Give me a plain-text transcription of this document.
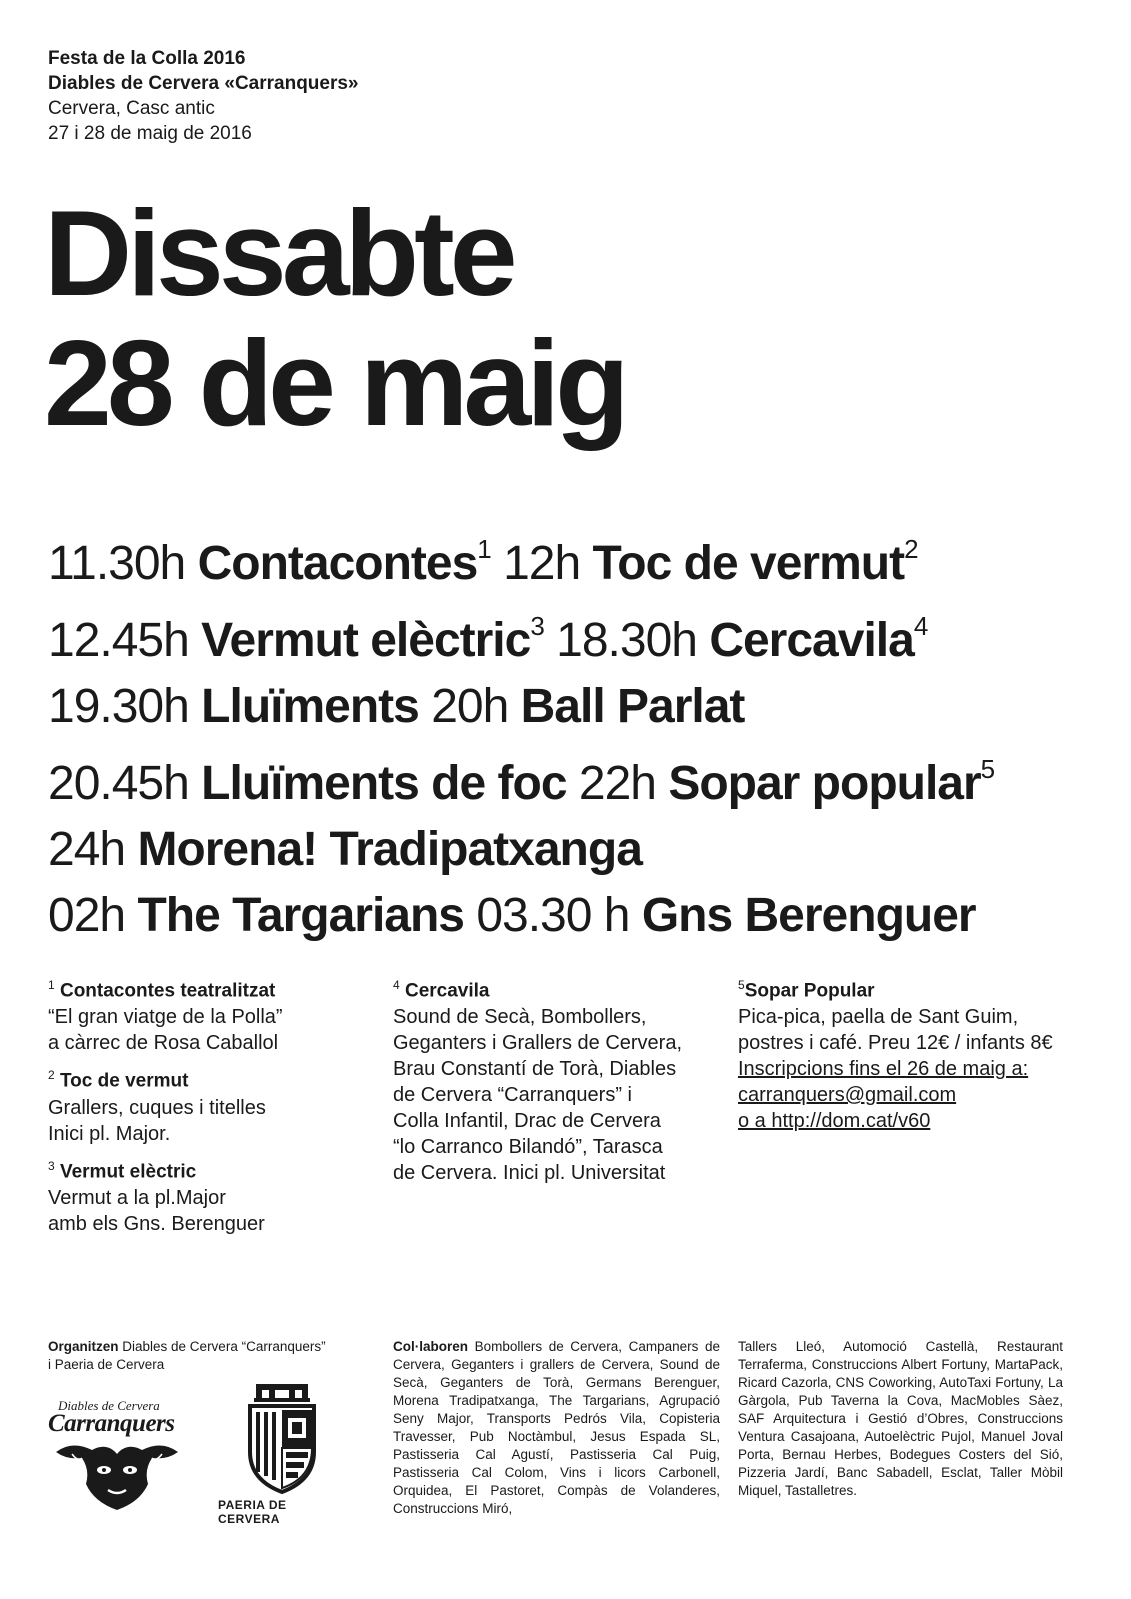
Festa de la Colla 2016
Diables de Cervera «Carranquers»
Cervera, Casc antic
27 i 28 de maig de 2016
Dissabte
28 de maig
11.30h Contacontes$^1$ 12h Toc de vermut$^2$
12.45h Vermut elèctric$^3$ 18.30h Cercavila$^4$
19.30h Lluïments 20h Ball Parlat
20.45h Lluïments de foc 22h Sopar popular$^5$
24h Morena! Tradipatxanga
02h The Targarians 03.30 h Gns Berenguer
$^1$ Contacontes teatralitzat
“El gran viatge de la Polla”
a càrrec de Rosa Caballol
$^2$ Toc de vermut
Grallers, cuques i titelles
Inici pl. Major.
$^3$ Vermut elèctric
Vermut a la pl.Major
amb els Gns. Berenguer
$^4$ Cercavila
Sound de Secà, Bombollers,
Geganters i Grallers de Cervera,
Brau Constantí de Torà, Diables
de Cervera “Carranquers” i
Colla Infantil, Drac de Cervera
“lo Carranco Bilandó”, Tarasca
de Cervera. Inici pl. Universitat
$^5$Sopar Popular
Pica-pica, paella de Sant Guim,
postres i café. Preu 12€ / infants 8€
Inscripcions fins el 26 de maig a:
carranquers@gmail.com
o a http://dom.cat/v60
Organitzen Diables de Cervera “Carranquers”
i Paeria de Cervera
Col·laboren Bombollers de Cervera, Campaners de Cervera, Geganters i grallers de Cervera, Sound de Secà, Geganters de Torà, Germans Berenguer, Morena Tradipatxanga, The Targarians, Agrupació Seny Major, Transports Pedrós Vila, Copisteria Travesser, Pub Noctàmbul, Jesus Espada SL, Pastisseria Cal Agustí, Pastisseria Cal Puig, Pastisseria Cal Colom, Vins i licors Carbonell, Orquidea, El Pastoret, Compàs de Volanderes, Construccions Miró,
Tallers Lleó, Automoció Castellà, Restaurant Terraferma, Construccions Albert Fortuny, MartaPack, Ricard Cazorla, CNS Coworking, AutoTaxi Fortuny, La Gàrgola, Pub Taverna la Cova, MacMobles Sàez, SAF Arquitectura i Gestió d’Obres, Construccions Ventura Casajoana, Autoelèctric Pujol, Manuel Joval Porta, Bernau Herbes, Bodegues Costers del Sió, Pizzeria Jardí, Banc Sabadell, Esclat, Taller Mòbil Miquel, Tastalletres.
Diables de Cervera
Carranquers
PAERIA DE CERVERA
